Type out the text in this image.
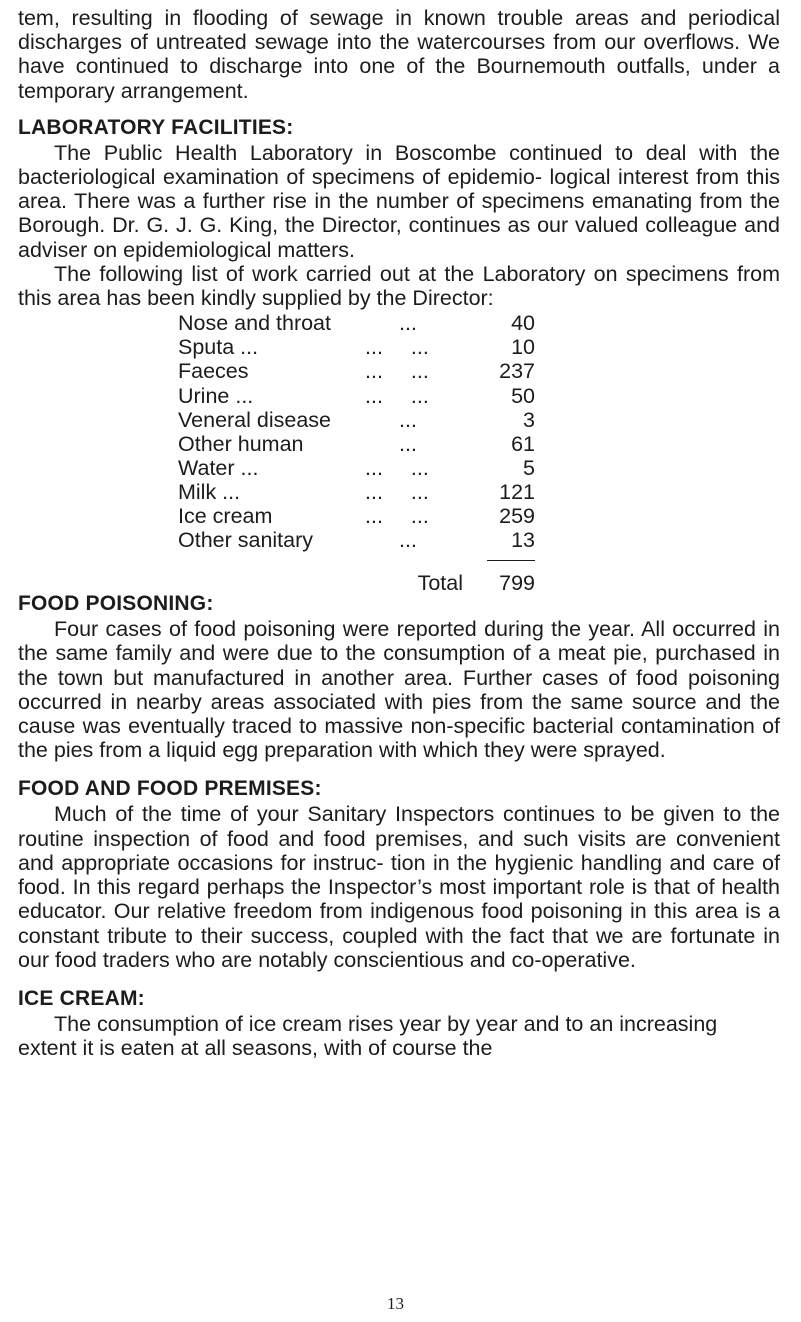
tem, resulting in flooding of sewage in known trouble areas and periodical discharges of untreated sewage into the watercourses from our overflows. We have continued to discharge into one of the Bournemouth outfalls, under a temporary arrangement.

LABORATORY FACILITIES:

The Public Health Laboratory in Boscombe continued to deal with the bacteriological examination of specimens of epidemio- logical interest from this area. There was a further rise in the number of specimens emanating from the Borough. Dr. G. J. G. King, the Director, continues as our valued colleague and adviser on epidemiological matters.

The following list of work carried out at the Laboratory on specimens from this area has been kindly supplied by the Director:

Nose and throat	...	40
Sputa ...	... ...	10
Faeces	... ...	237
Urine ...	... ...	50
Veneral disease	...	3
Other human	...	61
Water ...	... ...	5
Milk ...	... ...	121
Ice cream	... ...	259
Other sanitary	...	13

	Total	799
FOOD POISONING:

Four cases of food poisoning were reported during the year. All occurred in the same family and were due to the consumption of a meat pie, purchased in the town but manufactured in another area. Further cases of food poisoning occurred in nearby areas associated with pies from the same source and the cause was eventually traced to massive non-specific bacterial contamination of the pies from a liquid egg preparation with which they were sprayed.

FOOD AND FOOD PREMISES:

Much of the time of your Sanitary Inspectors continues to be given to the routine inspection of food and food premises, and such visits are convenient and appropriate occasions for instruc- tion in the hygienic handling and care of food. In this regard perhaps the Inspector’s most important role is that of health educator. Our relative freedom from indigenous food poisoning in this area is a constant tribute to their success, coupled with the fact that we are fortunate in our food traders who are notably conscientious and co-operative.

ICE CREAM:

The consumption of ice cream rises year by year and to an increasing extent it is eaten at all seasons, with of course the

13
